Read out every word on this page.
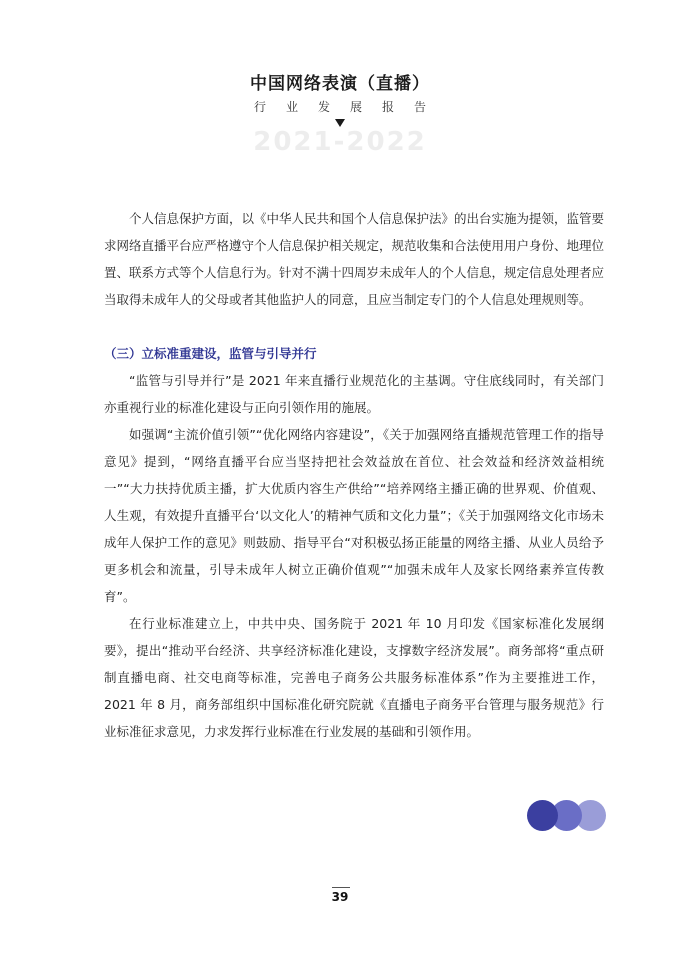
中国网络表演（直播）
行业发展报告
2021-2022

个人信息保护方面，以《中华人民共和国个人信息保护法》的出台实施为提领，监管要求网络直播平台应严格遵守个人信息保护相关规定，规范收集和合法使用用户身份、地理位置、联系方式等个人信息行为。针对不满十四周岁未成年人的个人信息，规定信息处理者应当取得未成年人的父母或者其他监护人的同意，且应当制定专门的个人信息处理规则等。

（三）立标准重建设，监管与引导并行

“监管与引导并行”是 2021 年来直播行业规范化的主基调。守住底线同时，有关部门亦重视行业的标准化建设与正向引领作用的施展。

如强调“主流价值引领”“优化网络内容建设”，《关于加强网络直播规范管理工作的指导意见》提到，“网络直播平台应当坚持把社会效益放在首位、社会效益和经济效益相统一”“大力扶持优质主播，扩大优质内容生产供给”“培养网络主播正确的世界观、价值观、人生观，有效提升直播平台‘以文化人’的精神气质和文化力量”；《关于加强网络文化市场未成年人保护工作的意见》则鼓励、指导平台“对积极弘扬正能量的网络主播、从业人员给予更多机会和流量，引导未成年人树立正确价值观”“加强未成年人及家长网络素养宣传教育”。

在行业标准建立上，中共中央、国务院于 2021 年 10 月印发《国家标准化发展纲要》，提出“推动平台经济、共享经济标准化建设，支撑数字经济发展”。商务部将“重点研制直播电商、社交电商等标准，完善电子商务公共服务标准体系”作为主要推进工作，2021 年 8 月，商务部组织中国标准化研究院就《直播电子商务平台管理与服务规范》行业标准征求意见，力求发挥行业标准在行业发展的基础和引领作用。

39
